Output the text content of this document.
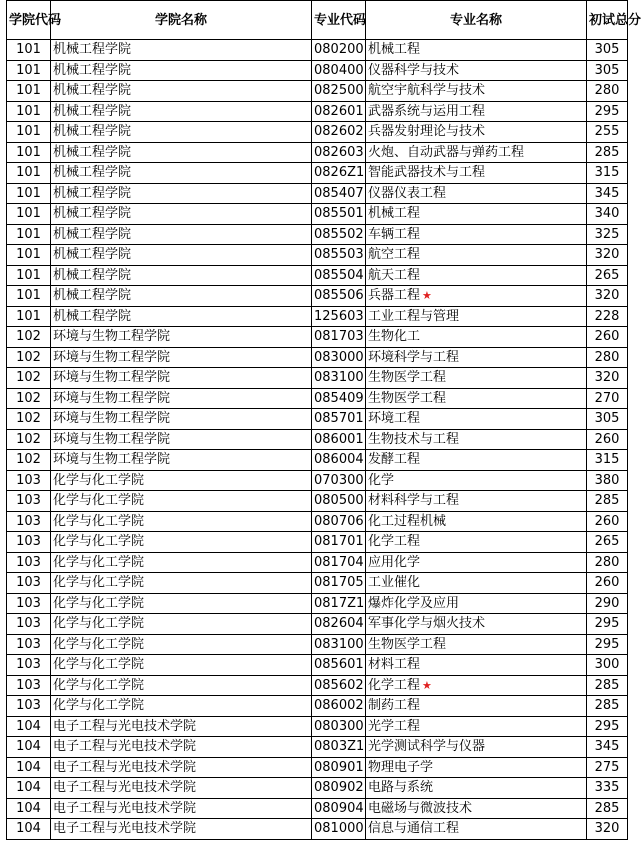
学院代码	学院名称	专业代码	专业名称	初试总分
101	机械工程学院	080200	机械工程	305
101	机械工程学院	080400	仪器科学与技术	305
101	机械工程学院	082500	航空宇航科学与技术	280
101	机械工程学院	082601	武器系统与运用工程	295
101	机械工程学院	082602	兵器发射理论与技术	255
101	机械工程学院	082603	火炮、自动武器与弹药工程	285
101	机械工程学院	0826Z1	智能武器技术与工程	315
101	机械工程学院	085407	仪器仪表工程	345
101	机械工程学院	085501	机械工程	340
101	机械工程学院	085502	车辆工程	325
101	机械工程学院	085503	航空工程	320
101	机械工程学院	085504	航天工程	265
101	机械工程学院	085506	兵器工程 ★	320
101	机械工程学院	125603	工业工程与管理	228
102	环境与生物工程学院	081703	生物化工	260
102	环境与生物工程学院	083000	环境科学与工程	280
102	环境与生物工程学院	083100	生物医学工程	320
102	环境与生物工程学院	085409	生物医学工程	270
102	环境与生物工程学院	085701	环境工程	305
102	环境与生物工程学院	086001	生物技术与工程	260
102	环境与生物工程学院	086004	发酵工程	315
103	化学与化工学院	070300	化学	380
103	化学与化工学院	080500	材料科学与工程	285
103	化学与化工学院	080706	化工过程机械	260
103	化学与化工学院	081701	化学工程	265
103	化学与化工学院	081704	应用化学	280
103	化学与化工学院	081705	工业催化	260
103	化学与化工学院	0817Z1	爆炸化学及应用	290
103	化学与化工学院	082604	军事化学与烟火技术	295
103	化学与化工学院	083100	生物医学工程	295
103	化学与化工学院	085601	材料工程	300
103	化学与化工学院	085602	化学工程 ★	285
103	化学与化工学院	086002	制药工程	285
104	电子工程与光电技术学院	080300	光学工程	295
104	电子工程与光电技术学院	0803Z1	光学测试科学与仪器	345
104	电子工程与光电技术学院	080901	物理电子学	275
104	电子工程与光电技术学院	080902	电路与系统	335
104	电子工程与光电技术学院	080904	电磁场与微波技术	285
104	电子工程与光电技术学院	081000	信息与通信工程	320
